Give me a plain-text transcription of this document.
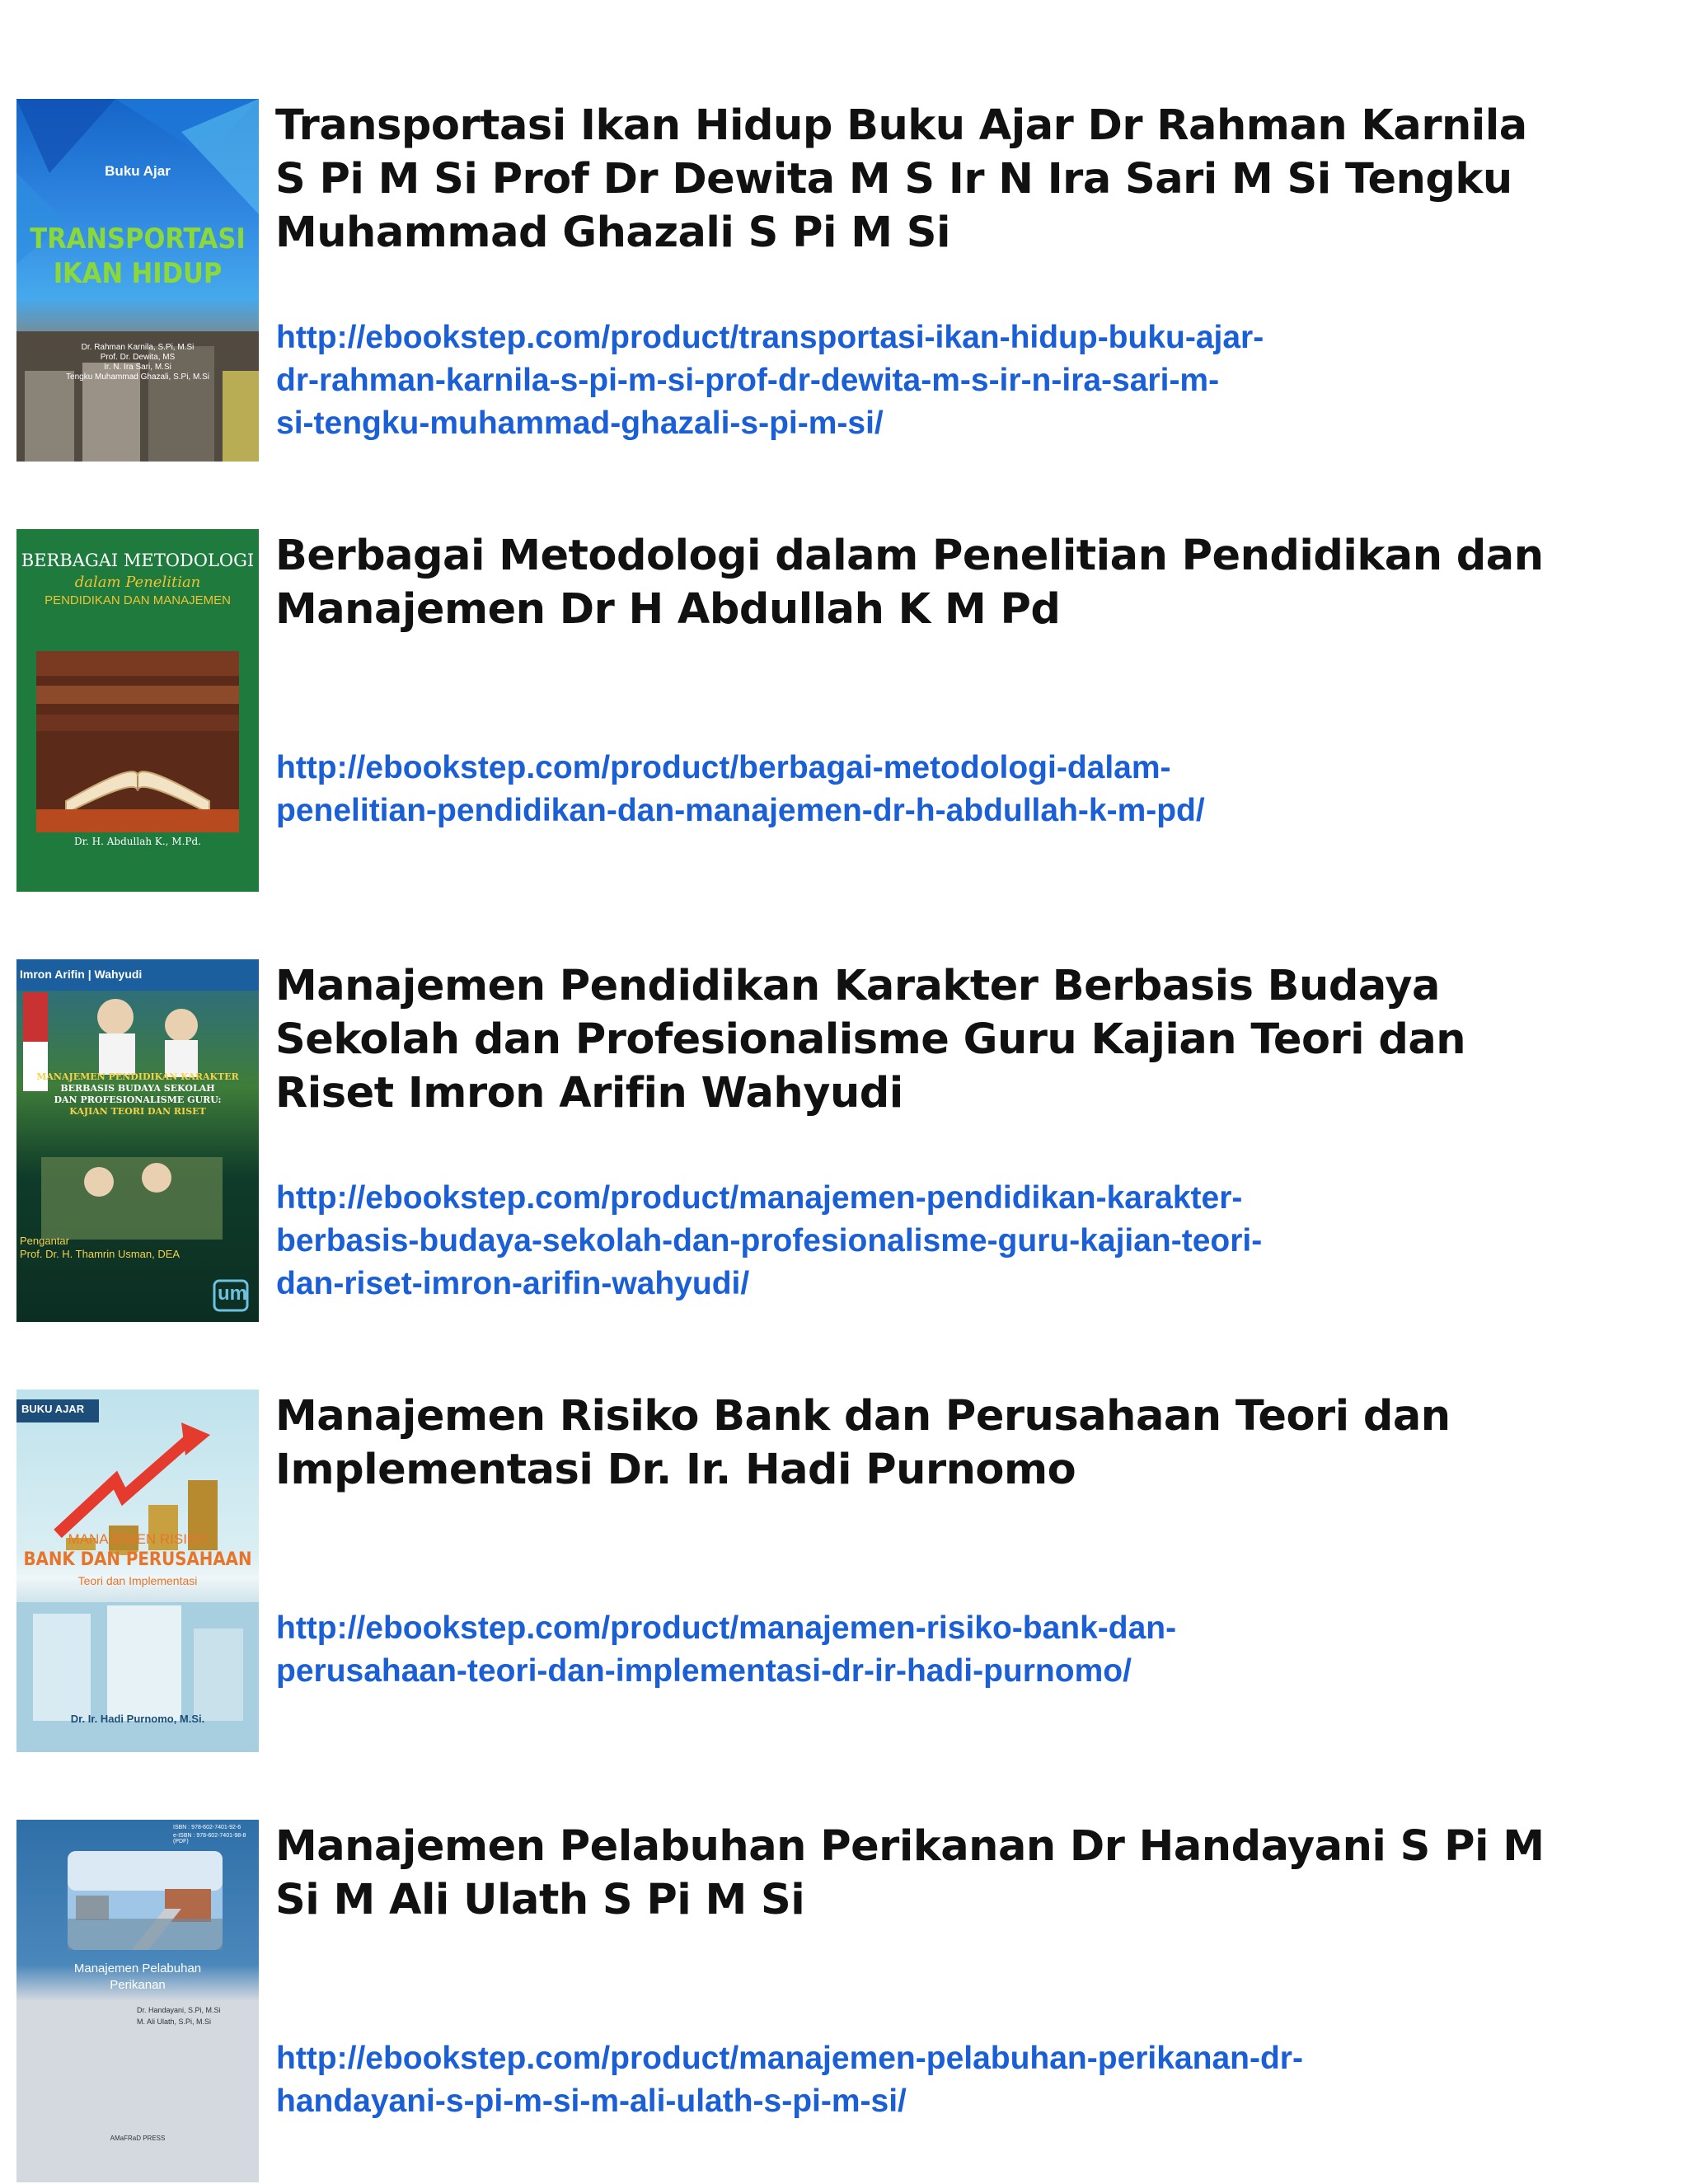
Buku Ajar

TRANSPORTASI

IKAN HIDUP

Dr. Rahman Karnila, S.Pi, M.Si

Prof. Dr. Dewita, MS

Ir. N. Ira Sari, M.Si

Tengku Muhammad Ghazali, S.Pi, M.Si

Transportasi Ikan Hidup Buku Ajar Dr Rahman Karnila S Pi M Si Prof Dr Dewita M S Ir N Ira Sari M Si Tengku Muhammad Ghazali S Pi M Si
http://ebookstep.com/product/transportasi-ikan-hidup-buku-ajar-
dr-rahman-karnila-s-pi-m-si-prof-dr-dewita-m-s-ir-n-ira-sari-m-
si-tengku-muhammad-ghazali-s-pi-m-si/

BERBAGAI METODOLOGI

dalam Penelitian

PENDIDIKAN DAN MANAJEMEN

Dr. H. Abdullah K., M.Pd.

Berbagai Metodologi dalam Penelitian Pendidikan dan Manajemen Dr H Abdullah K M Pd
http://ebookstep.com/product/berbagai-metodologi-dalam-
penelitian-pendidikan-dan-manajemen-dr-h-abdullah-k-m-pd/

Imron Arifin | Wahyudi

MANAJEMEN PENDIDIKAN KARAKTER

BERBASIS BUDAYA SEKOLAH

DAN PROFESIONALISME GURU:

KAJIAN TEORI DAN RISET

Pengantar

Prof. Dr. H. Thamrin Usman, DEA

um

Manajemen Pendidikan Karakter Berbasis Budaya Sekolah dan Profesionalisme Guru Kajian Teori dan Riset Imron Arifin Wahyudi
http://ebookstep.com/product/manajemen-pendidikan-karakter-
berbasis-budaya-sekolah-dan-profesionalisme-guru-kajian-teori-
dan-riset-imron-arifin-wahyudi/

BUKU AJAR

MANAJEMEN RISIKO

BANK DAN PERUSAHAAN

Teori dan Implementasi

Dr. Ir. Hadi Purnomo, M.Si.

Manajemen Risiko Bank dan Perusahaan Teori dan Implementasi Dr. Ir. Hadi Purnomo
http://ebookstep.com/product/manajemen-risiko-bank-dan-
perusahaan-teori-dan-implementasi-dr-ir-hadi-purnomo/

ISBN : 978-602-7401-92-6

e-ISBN : 978-602-7401-98-8 (PDF)

Manajemen Pelabuhan

Perikanan

Dr. Handayani, S.Pi, M.Si

M. Ali Ulath, S.Pi, M.Si

AMaFRaD PRESS

Manajemen Pelabuhan Perikanan Dr Handayani S Pi M Si M Ali Ulath S Pi M Si
http://ebookstep.com/product/manajemen-pelabuhan-perikanan-dr-
handayani-s-pi-m-si-m-ali-ulath-s-pi-m-si/
